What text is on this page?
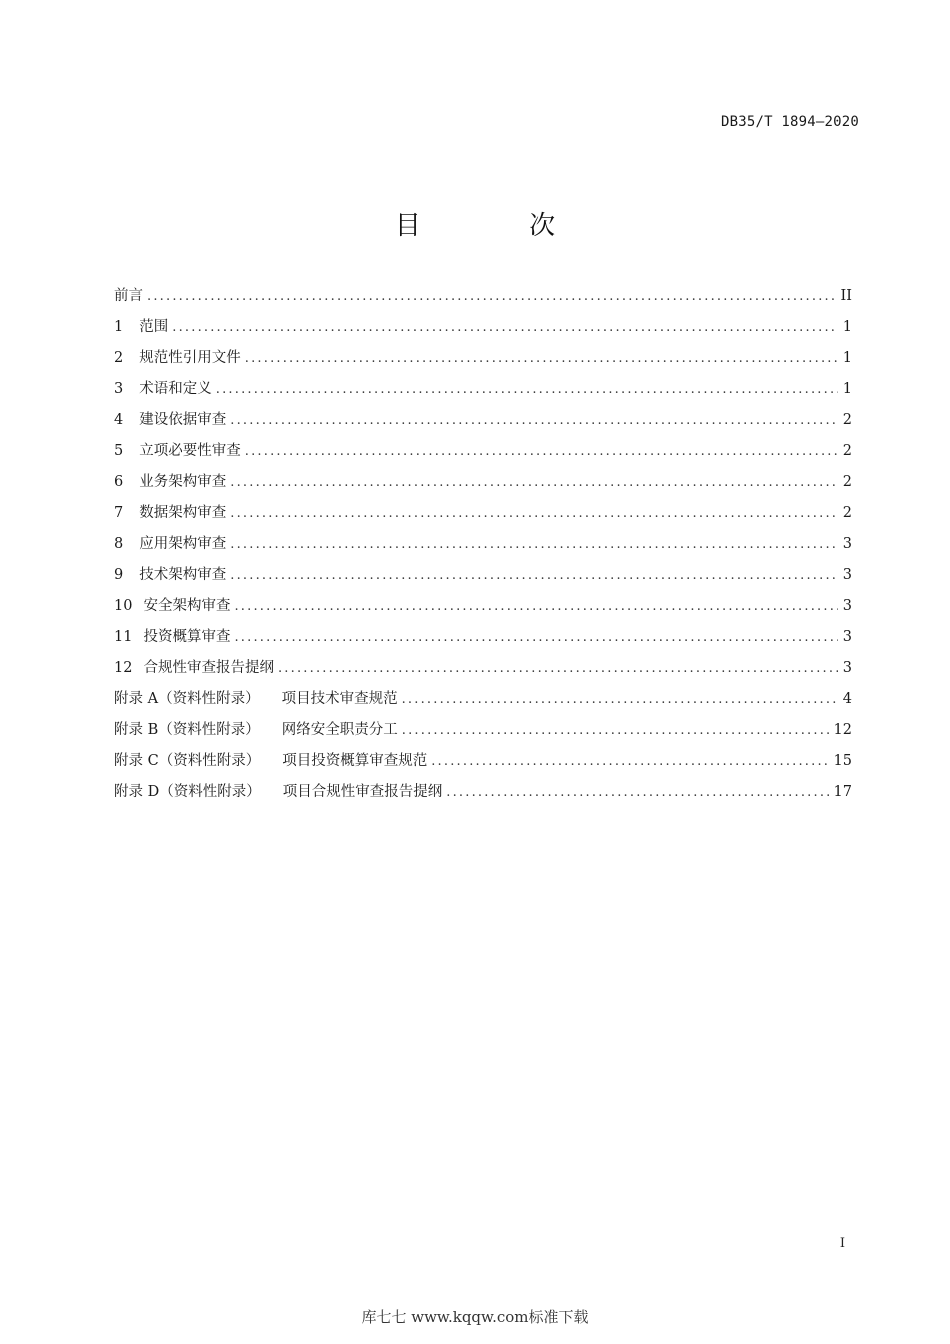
DB35/T 1894—2020
目 次
前言 .....	II
1 范围 .....	1
2 规范性引用文件 .....	1
3 术语和定义 .....	1
4 建设依据审查 .....	2
5 立项必要性审查 .....	2
6 业务架构审查 .....	2
7 数据架构审查 .....	2
8 应用架构审查 .....	3
9 技术架构审查 .....	3
10 安全架构审查 .....	3
11 投资概算审查 .....	3
12 合规性审查报告提纲 .....	3
附录 A（资料性附录） 项目技术审查规范 .....	4
附录 B（资料性附录） 网络安全职责分工 .....	12
附录 C（资料性附录） 项目投资概算审查规范 .....	15
附录 D（资料性附录） 项目合规性审查报告提纲 .....	17
I
库七七 www.kqqw.com标准下载
